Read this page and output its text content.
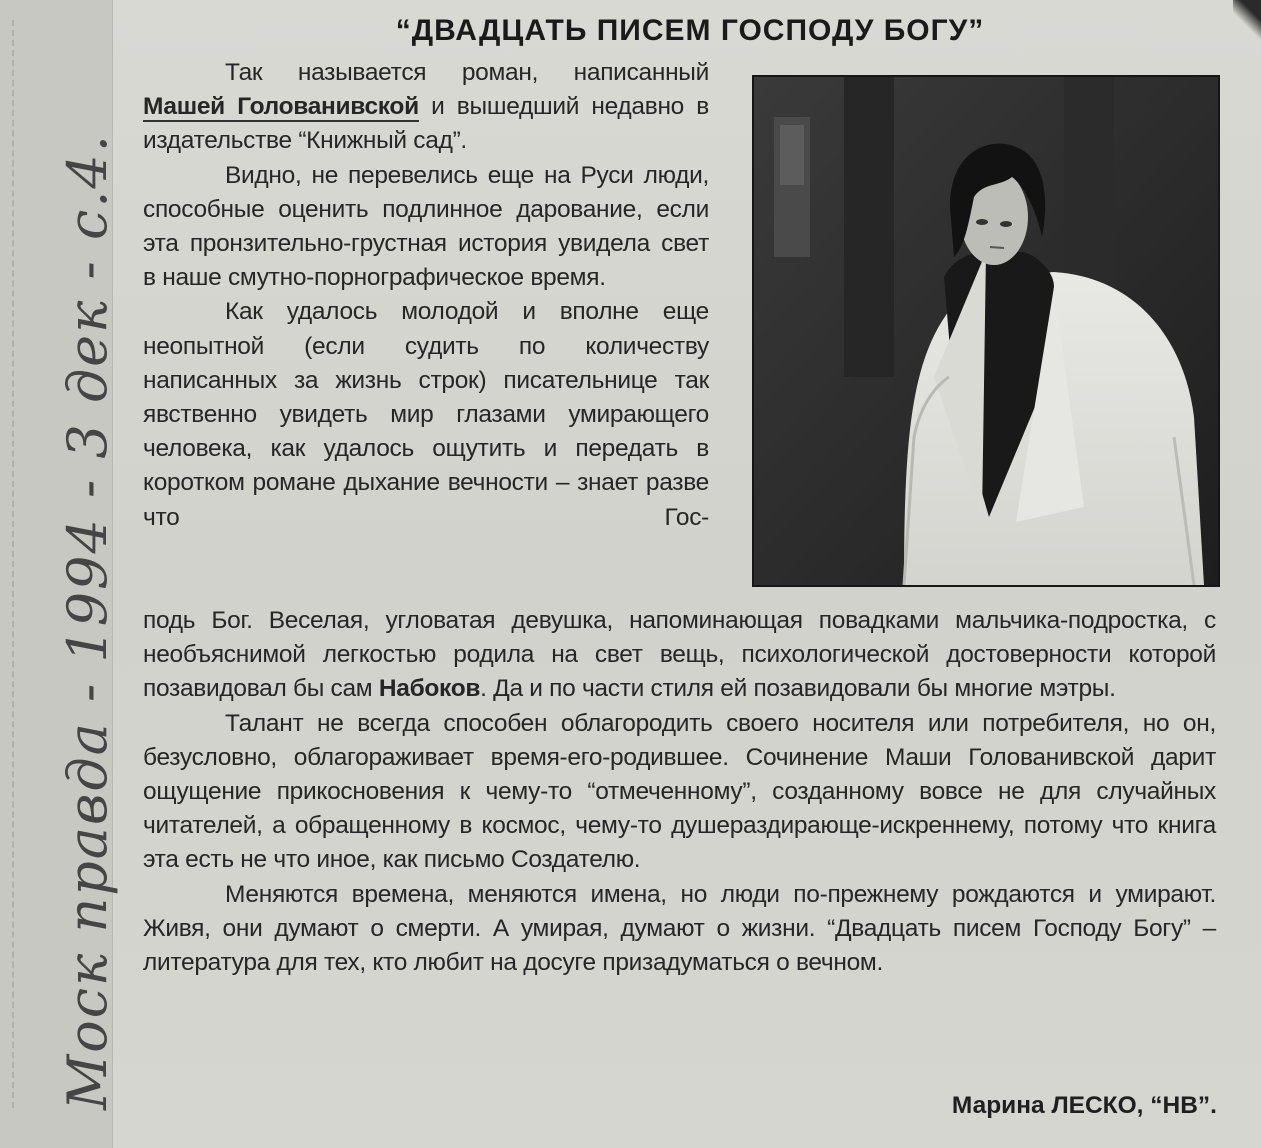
Моск правда - 1994 - 3 дек - с.4.
“ДВАДЦАТЬ ПИСЕМ ГОСПОДУ БОГУ”

Так называется роман, написанный Машей Голованивской и вышедший недавно в издательстве “Книжный сад”.

Видно, не перевелись еще на Руси люди, способные оценить подлинное дарование, если эта пронзительно-грустная история увидела свет в наше смутно-порнографическое время.

Как удалось молодой и вполне еще неопытной (если судить по количеству написанных за жизнь строк) писательнице так явственно увидеть мир глазами умирающего человека, как удалось ощутить и передать в коротком романе дыхание вечности – знает разве что Гос-

подь Бог. Веселая, угловатая девушка, напоминающая повадками мальчика-подростка, с необъяснимой легкостью родила на свет вещь, психологической достоверности которой позавидовал бы сам Набоков. Да и по части стиля ей позавидовали бы многие мэтры.

Талант не всегда способен облагородить своего носителя или потребителя, но он, безусловно, облагораживает время-его-родившее. Сочинение Маши Голованивской дарит ощущение прикосновения к чему-то “отмеченному”, созданному вовсе не для случайных читателей, а обращенному в космос, чему-то душераздирающе-искреннему, потому что книга эта есть не что иное, как письмо Создателю.

Меняются времена, меняются имена, но люди по-прежнему рождаются и умирают. Живя, они думают о смерти. А умирая, думают о жизни. “Двадцать писем Господу Богу” – литература для тех, кто любит на досуге призадуматься о вечном.

Марина ЛЕСКО, “НВ”.
